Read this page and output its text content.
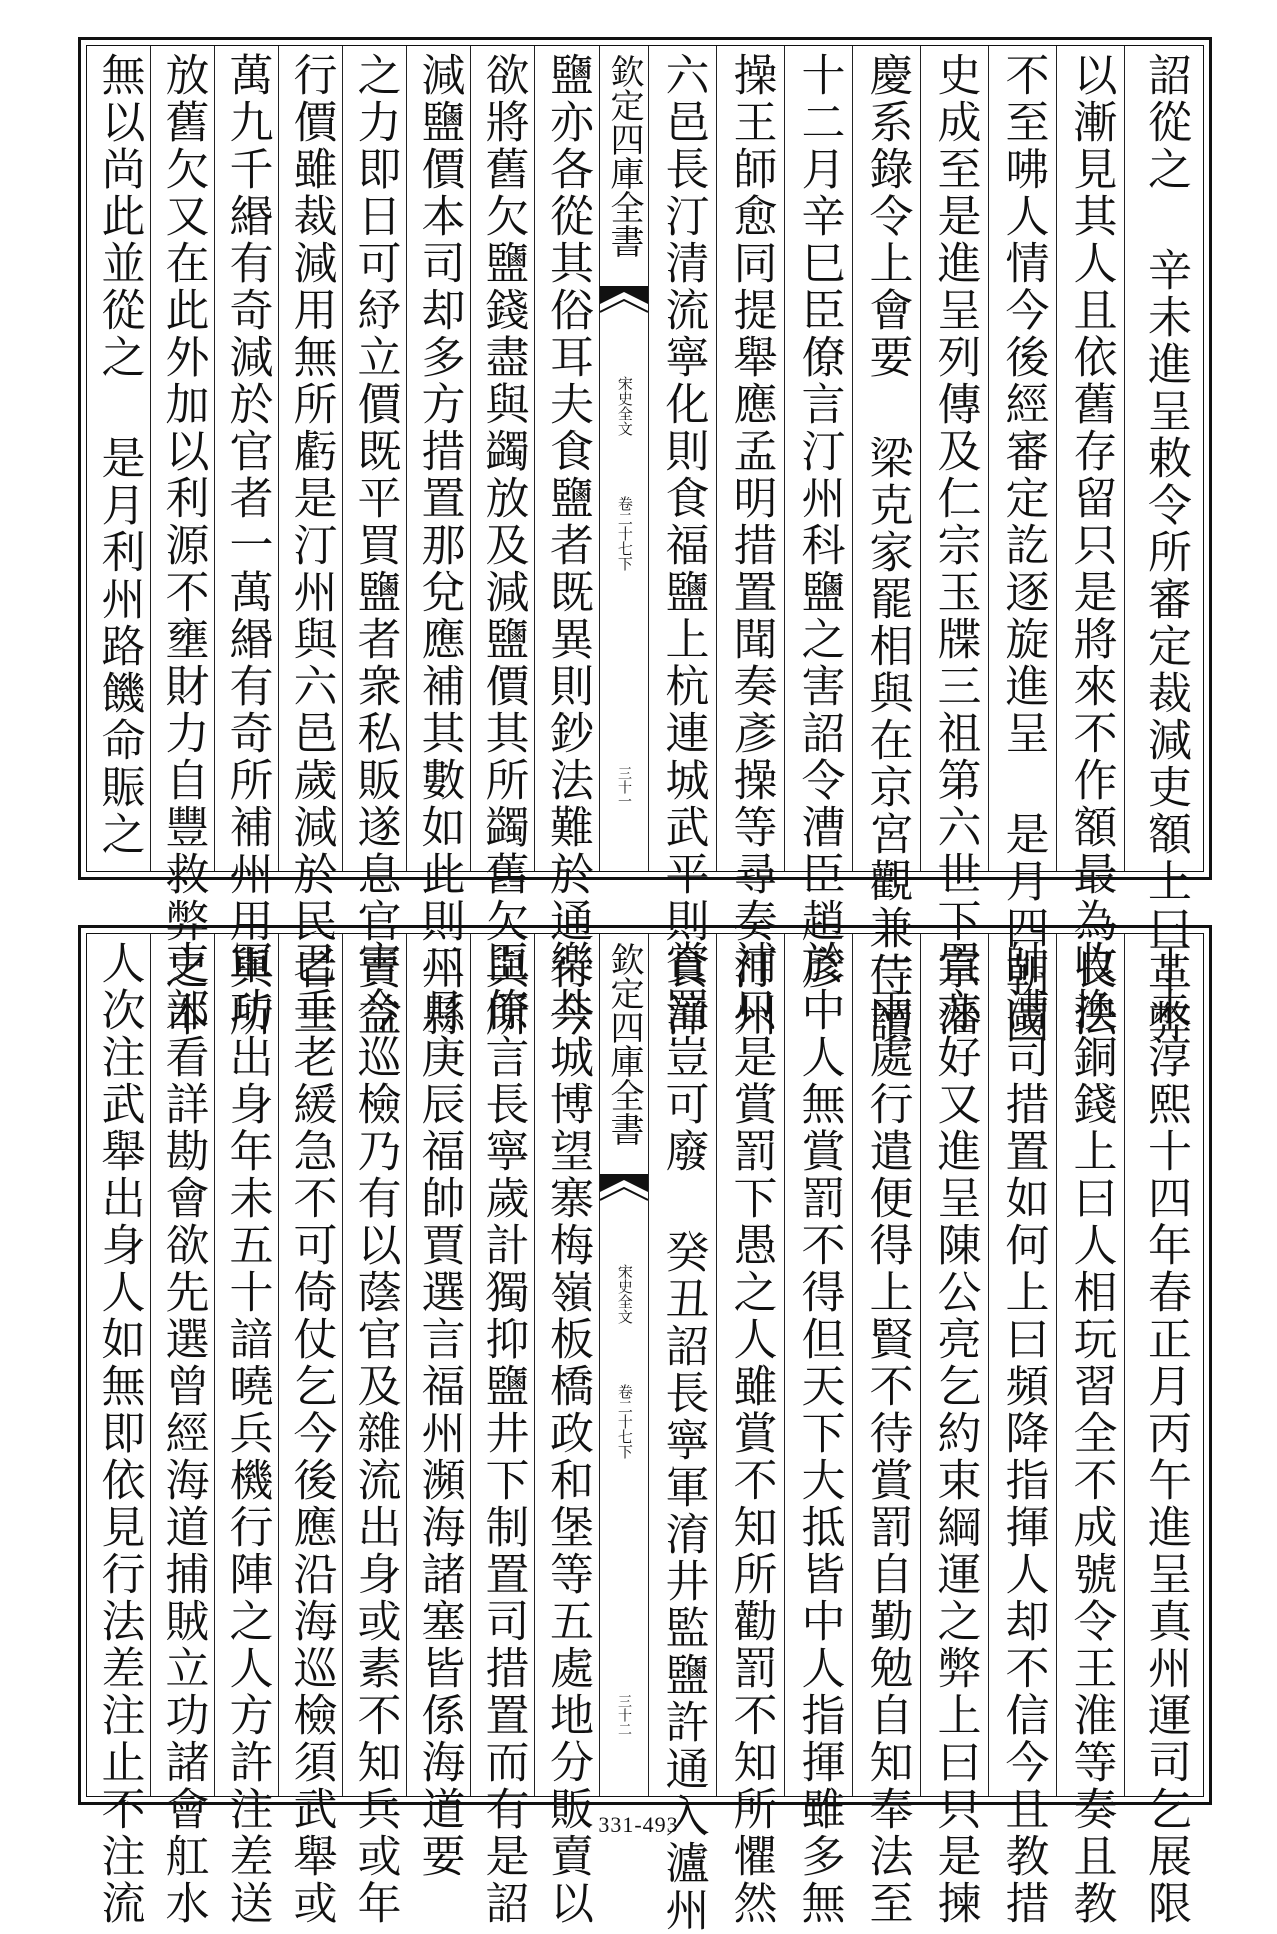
無以尚此並從之 是月利州路饑命賑之 放舊欠又在此外加以利源不壅財力自豐救弊之本 萬九千緡有奇減於官者一萬緡有奇所補州用與所 行價雖裁減用無所虧是汀州與六邑歲減於民者三 之力即日可紓立價既平買鹽者衆私販遂息官賣益 減鹽價本司却多方措置那兌應補其數如此則州縣 欲將舊欠鹽錢盡與蠲放及減鹽價其所蠲舊欠與所 鹽亦各從其俗耳夫食鹽者既異則鈔法難於通行今 欽定四庫全書
宋史全文
卷二十七下
三十一 六邑長汀清流寧化則食福鹽上杭連城武平則食漳 操王師愈同提舉應孟明措置聞奏彥操等尋奏汀州 十二月辛巳臣僚言汀州科鹽之害詔令漕臣趙彥 慶系錄令上會要 梁克家罷相與在京宮觀兼侍讀 史成至是進呈列傳及仁宗玉牒三祖第六世下宗藩 不至咈人情今後經審定訖逐旋進呈 是月四朝國 以漸見其人且依舊存留只是將來不作額最為良法 詔從之 辛未進呈敕令所審定裁減吏額上曰革弊
人次注武舉出身人如無即依見行法差注止不注流 吏部看詳勘會欲先選曾經海道捕賊立功諸會舡水 軍功出身年未五十諳曉兵機行陣之人方許注差送 已垂老緩急不可倚仗乞今後應沿海巡檢須武舉或 害今巡檢乃有以蔭官及雜流出身或素不知兵或年 二月庚辰福帥賈選言福州瀕海諸塞皆係海道要 臣僚言長寧歲計獨抑鹽井下制置司措置而有是詔 樂共城博望寨梅嶺板橋政和堡等五處地分販賣以 欽定四庫全書
宋史全文
卷二十七下
三十二 賞罰豈可廢 癸丑詔長寧軍淯井監鹽許通入瀘州 補只是賞罰下愚之人雖賞不知所勸罰不知所懼然 於中人無賞罰不得但天下大抵皆中人指揮雖多無 一兩處行遣便得上賢不待賞罰自勤勉自知奉法至 置亦好又進呈陳公亮乞約束綱運之弊上曰只是揀 帥漕司措置如何上曰頻降指揮人却不信今且教措 收換銅錢上曰人相玩習全不成號令王淮等奏且教 丁未淳熙十四年春正月丙午進呈真州運司乞展限
331-493
